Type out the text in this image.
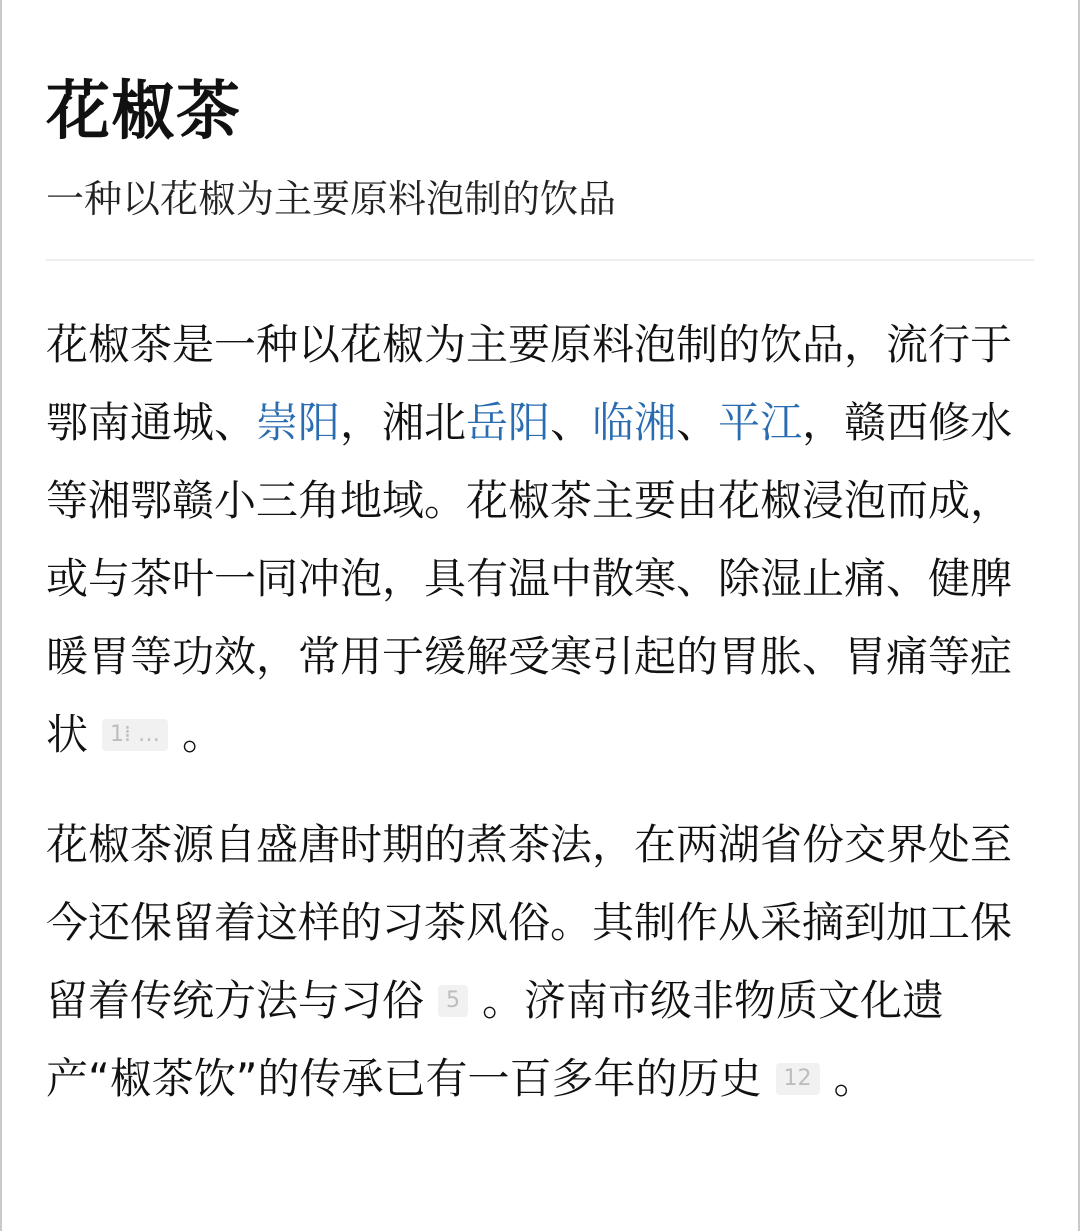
花椒茶

一种以花椒为主要原料泡制的饮品

花椒茶是一种以花椒为主要原料泡制的饮品，流行于鄂南通城、崇阳，湘北岳阳、临湘、平江，赣西修水等湘鄂赣小三角地域。花椒茶主要由花椒浸泡而成，或与茶叶一同冲泡，具有温中散寒、除湿止痛、健脾暖胃等功效，常用于缓解受寒引起的胃胀、胃痛等症状 1⁞ … 。

花椒茶源自盛唐时期的煮茶法，在两湖省份交界处至今还保留着这样的习茶风俗。其制作从采摘到加工保留着传统方法与习俗 5 。济南市级非物质文化遗产“椒茶饮”的传承已有一百多年的历史 12 。
